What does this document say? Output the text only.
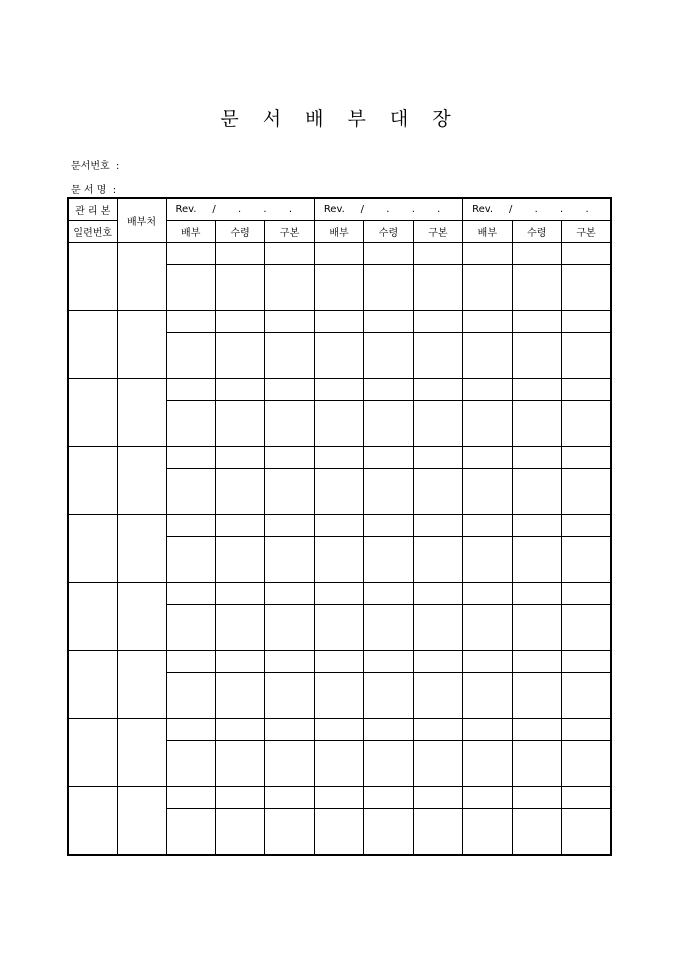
문 서 배 부 대 장
문서번호  :
문 서 명  :
관 리 본	배부처	Rev.     /       .       .       .			Rev.     /       .       .       .			Rev.     /       .       .       .		
일련번호		배부	수령	구본	배부	수령	구본	배부	수령	구본
